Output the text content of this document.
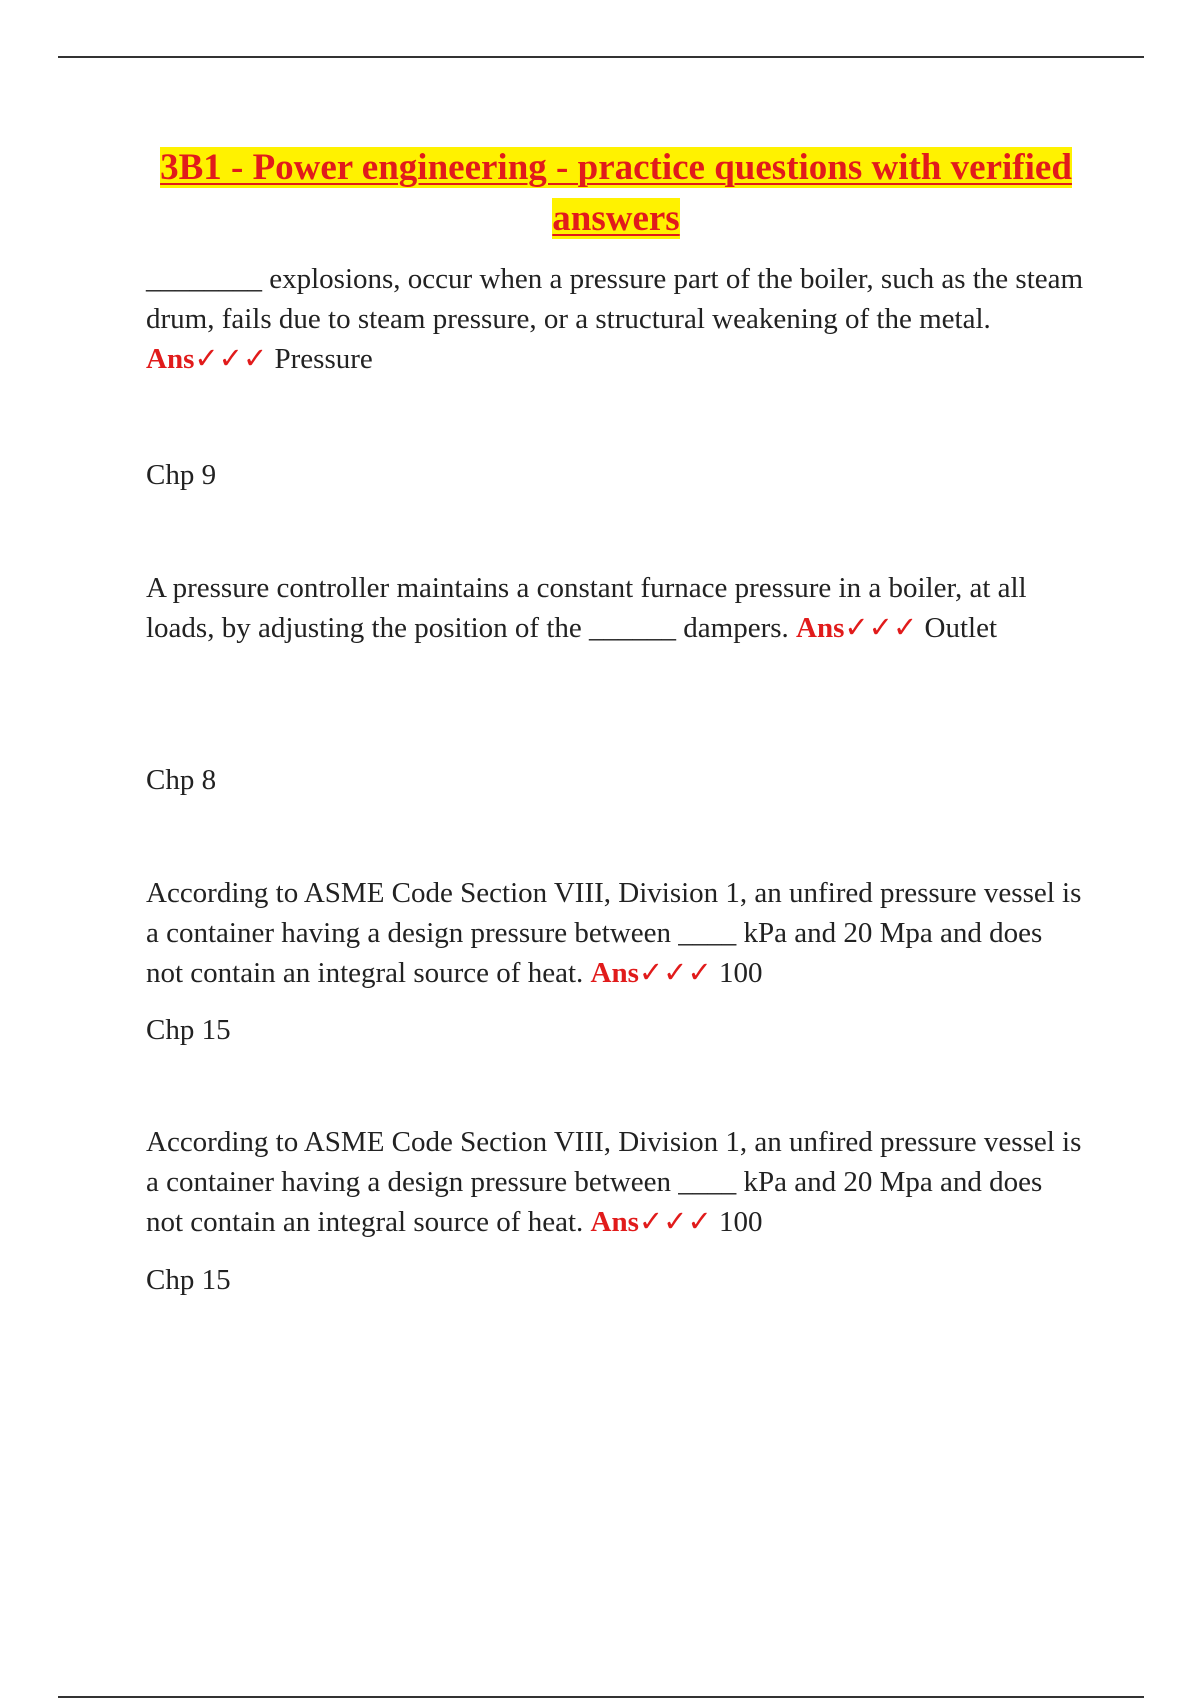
3B1 - Power engineering - practice questions with verified answers

________ explosions, occur when a pressure part of the boiler, such as the steam drum, fails due to steam pressure, or a structural weakening of the metal. Ans✓✓✓ Pressure

Chp 9

A pressure controller maintains a constant furnace pressure in a boiler, at all loads, by adjusting the position of the ______ dampers. Ans✓✓✓ Outlet

Chp 8

According to ASME Code Section VIII, Division 1, an unfired pressure vessel is a container having a design pressure between ____ kPa and 20 Mpa and does not contain an integral source of heat. Ans✓✓✓ 100

Chp 15

According to ASME Code Section VIII, Division 1, an unfired pressure vessel is a container having a design pressure between ____ kPa and 20 Mpa and does not contain an integral source of heat. Ans✓✓✓ 100

Chp 15
